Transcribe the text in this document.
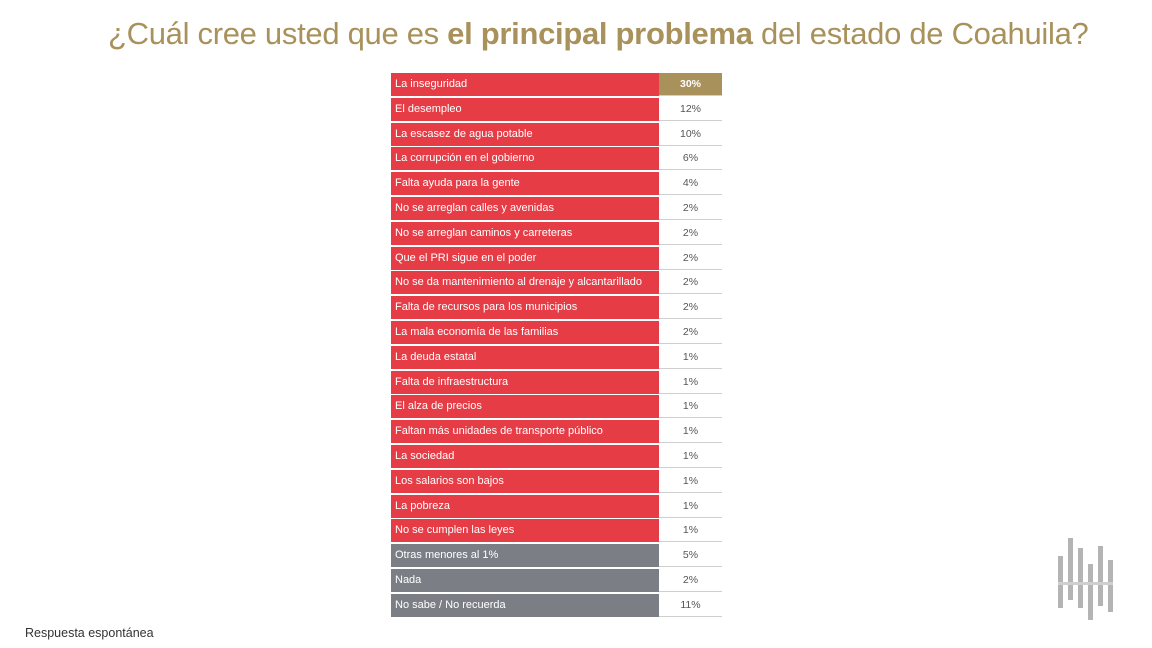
¿Cuál cree usted que es el principal problema del estado de Coahuila?
La inseguridad	30%
El desempleo	12%
La escasez de agua potable	10%
La corrupción en el gobierno	6%
Falta ayuda para la gente	4%
No se arreglan calles y avenidas	2%
No se arreglan caminos y carreteras	2%
Que el PRI sigue en el poder	2%
No se da mantenimiento al drenaje y alcantarillado	2%
Falta de recursos para los municipios	2%
La mala economía de las familias	2%
La deuda estatal	1%
Falta de infraestructura	1%
El alza de precios	1%
Faltan más unidades de transporte público	1%
La sociedad	1%
Los salarios son bajos	1%
La pobreza	1%
No se cumplen las leyes	1%
Otras menores al 1%	5%
Nada	2%
No sabe / No recuerda	11%
Respuesta espontánea
